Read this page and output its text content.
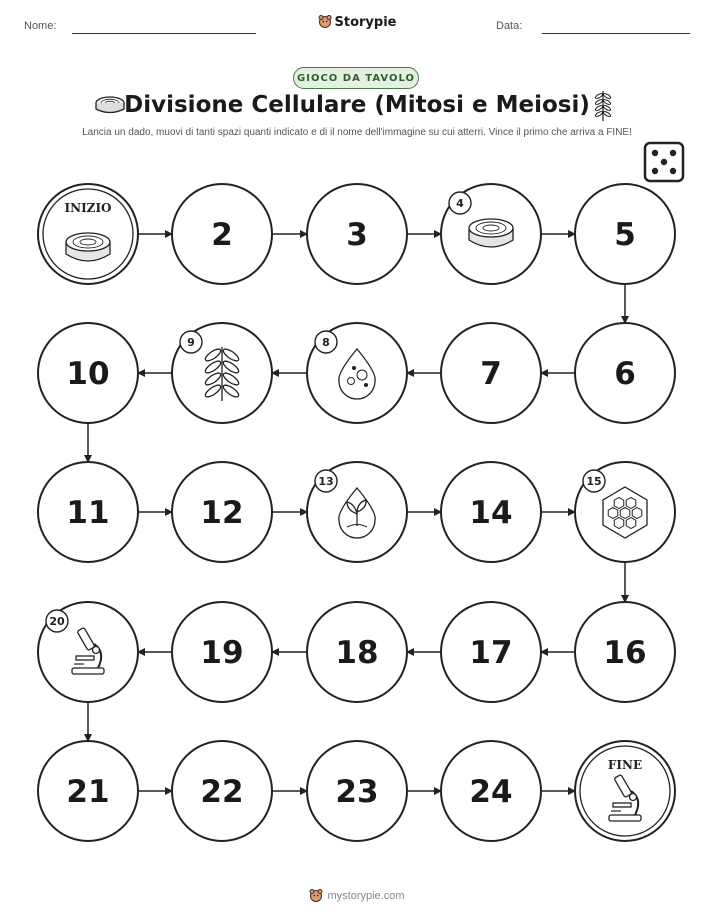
Nome:	Storypie	Data:
GIOCO DA TAVOLO
Divisione Cellulare (Mitosi e Meiosi)
Lancia un dado, muovi di tanti spazi quanti indicato e di il nome dell'immagine su cui atterri. Vince il primo che arriva a FINE!
INIZIO
2	3
4
5
6
7
8
9
10
11	12
13
14
15
16
17
18
19
20
21	22	23	24
FINE
mystorypie.com
